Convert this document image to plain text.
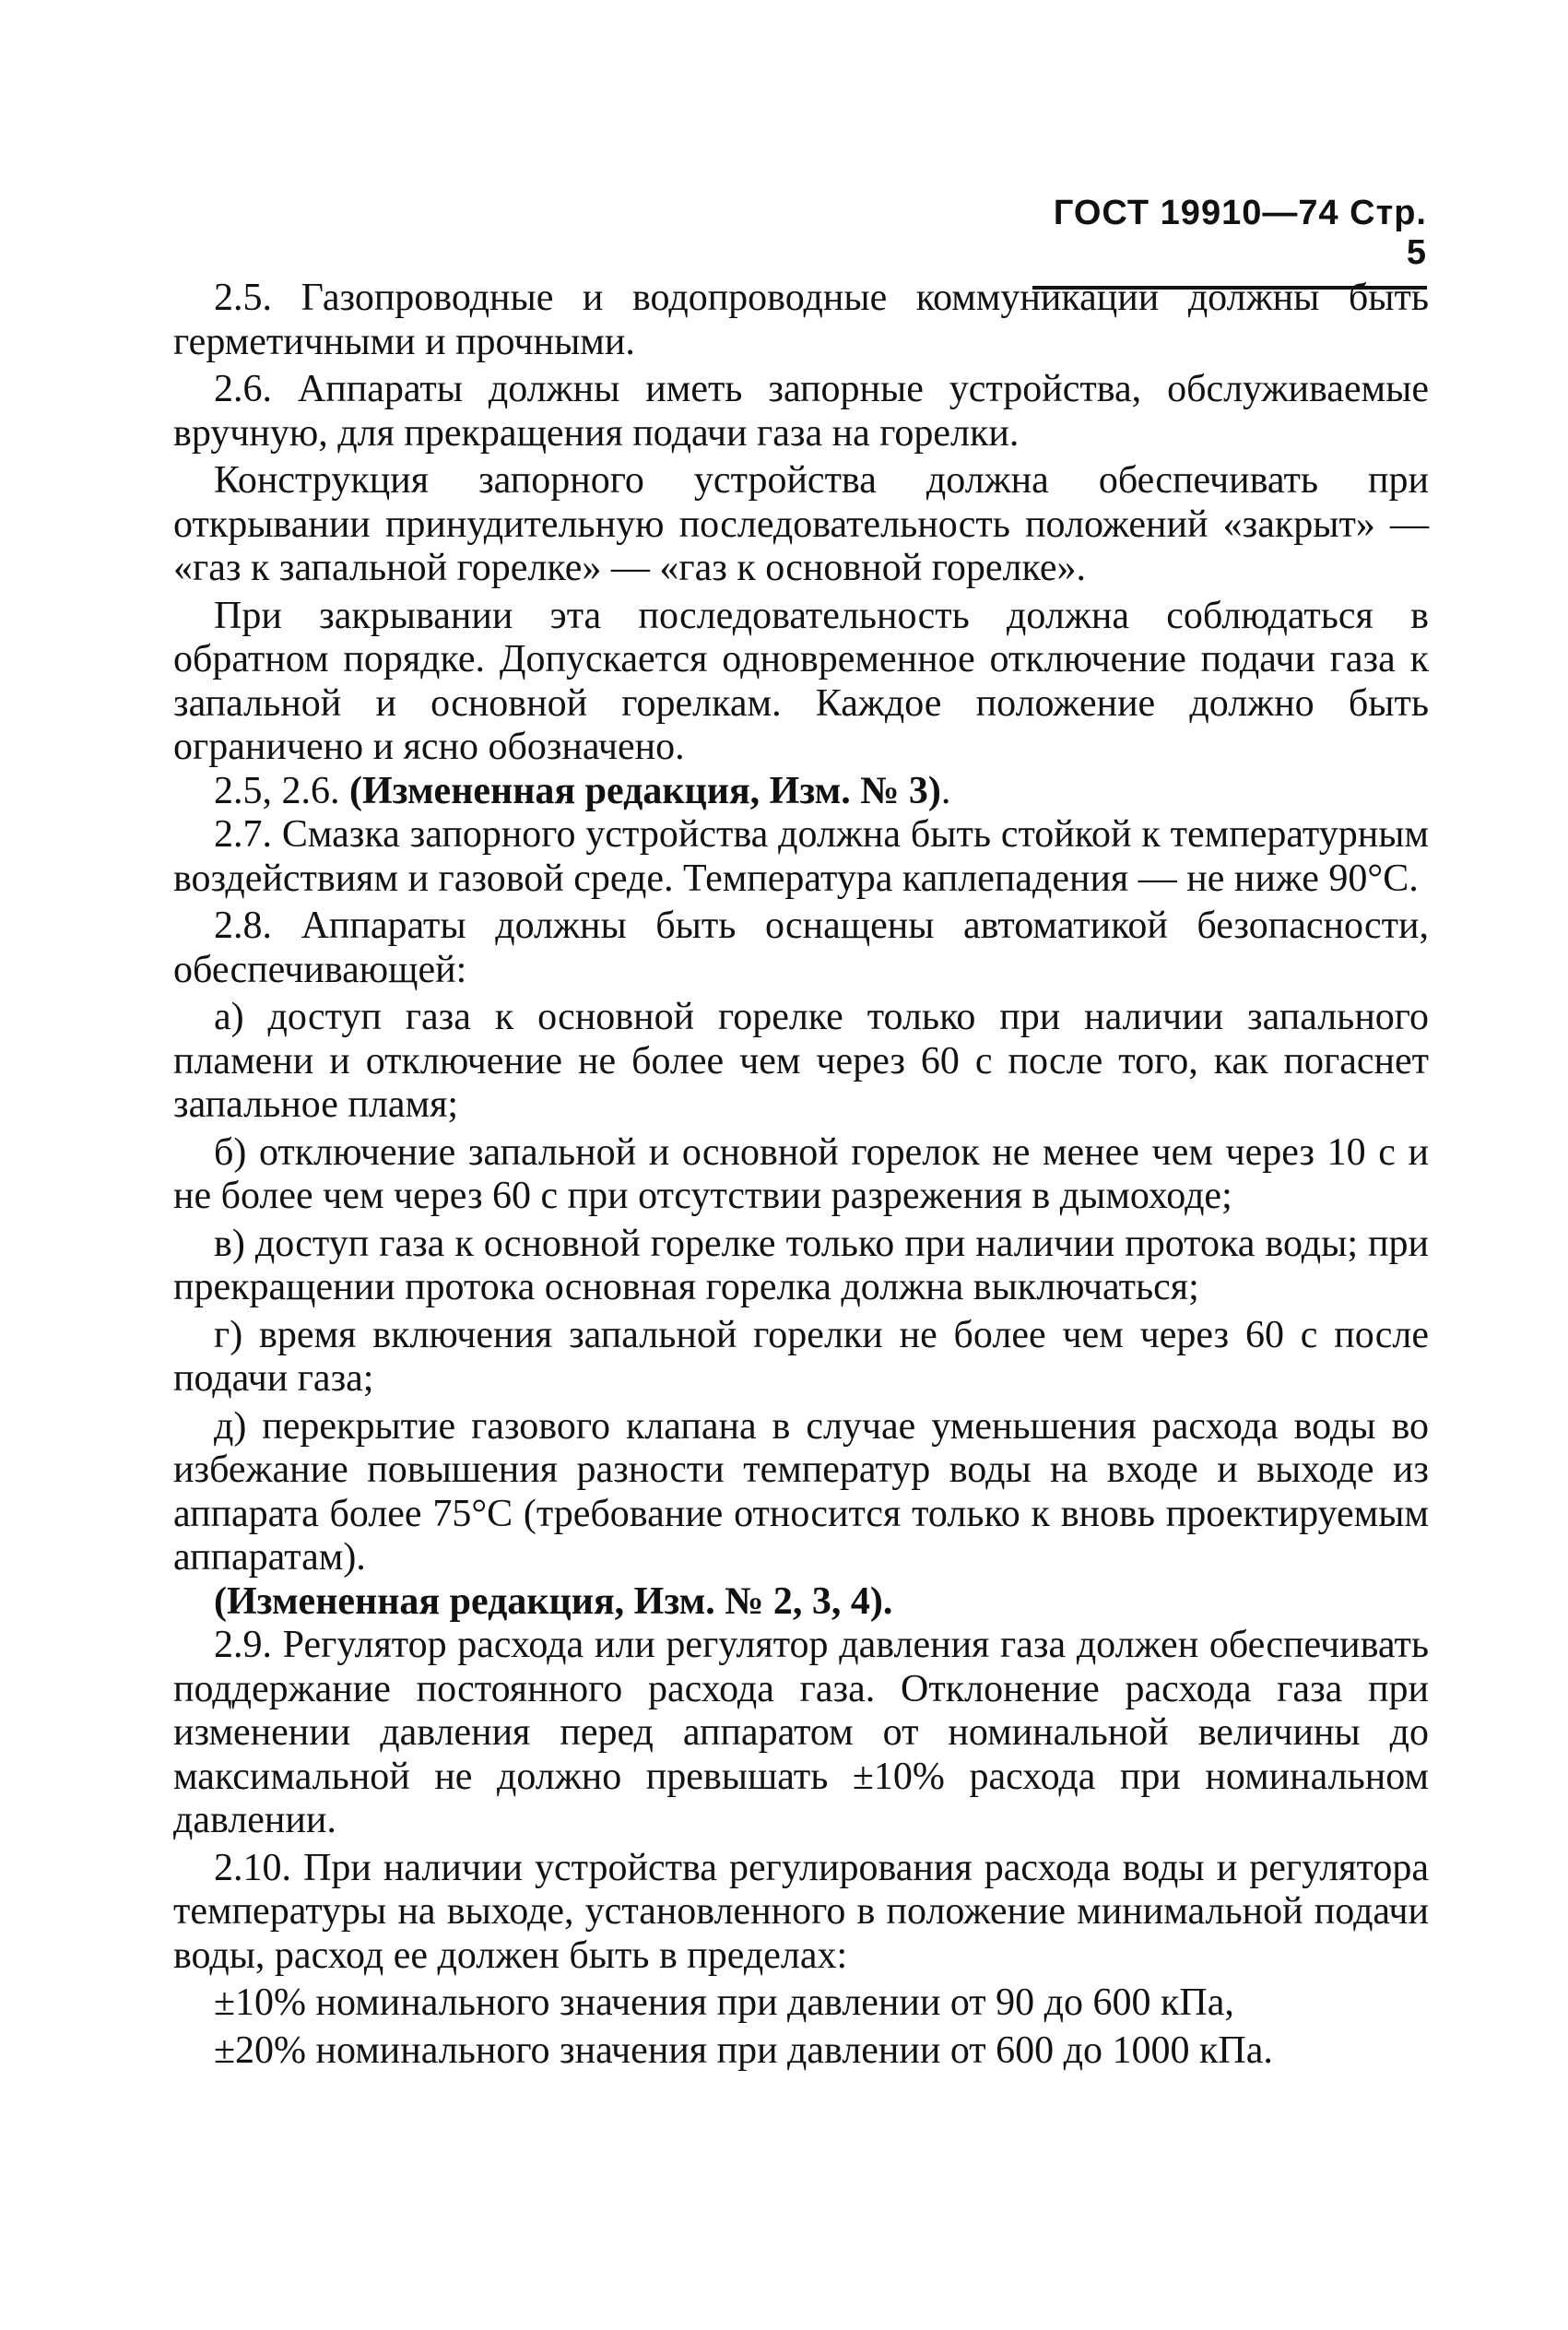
ГОСТ 19910—74 Стр. 5

2.5. Газопроводные и водопроводные коммуникации должны быть герметичными и прочными.

2.6. Аппараты должны иметь запорные устройства, обслуживаемые вручную, для прекращения подачи газа на горелки.

Конструкция запорного устройства должна обеспечивать при открывании принудительную последовательность положений «закрыт» — «газ к запальной горелке» — «газ к основной горелке».

При закрывании эта последовательность должна соблюдаться в обратном порядке. Допускается одновременное отключение подачи газа к запальной и основной горелкам. Каждое положение должно быть ограничено и ясно обозначено.

2.5, 2.6. (Измененная редакция, Изм. № 3).

2.7. Смазка запорного устройства должна быть стойкой к температурным воздействиям и газовой среде. Температура каплепадения — не ниже 90°С.

2.8. Аппараты должны быть оснащены автоматикой безопасности, обеспечивающей:

а) доступ газа к основной горелке только при наличии запального пламени и отключение не более чем через 60 с после того, как погаснет запальное пламя;

б) отключение запальной и основной горелок не менее чем через 10 с и не более чем через 60 с при отсутствии разрежения в дымоходе;

в) доступ газа к основной горелке только при наличии протока воды; при прекращении протока основная горелка должна выключаться;

г) время включения запальной горелки не более чем через 60 с после подачи газа;

д) перекрытие газового клапана в случае уменьшения расхода воды во избежание повышения разности температур воды на входе и выходе из аппарата более 75°С (требование относится только к вновь проектируемым аппаратам).

(Измененная редакция, Изм. № 2, 3, 4).

2.9. Регулятор расхода или регулятор давления газа должен обеспечивать поддержание постоянного расхода газа. Отклонение расхода газа при изменении давления перед аппаратом от номинальной величины до максимальной не должно превышать ±10% расхода при номинальном давлении.

2.10. При наличии устройства регулирования расхода воды и регулятора температуры на выходе, установленного в положение минимальной подачи воды, расход ее должен быть в пределах:

±10% номинального значения при давлении от 90 до 600 кПа,

±20% номинального значения при давлении от 600 до 1000 кПа.
